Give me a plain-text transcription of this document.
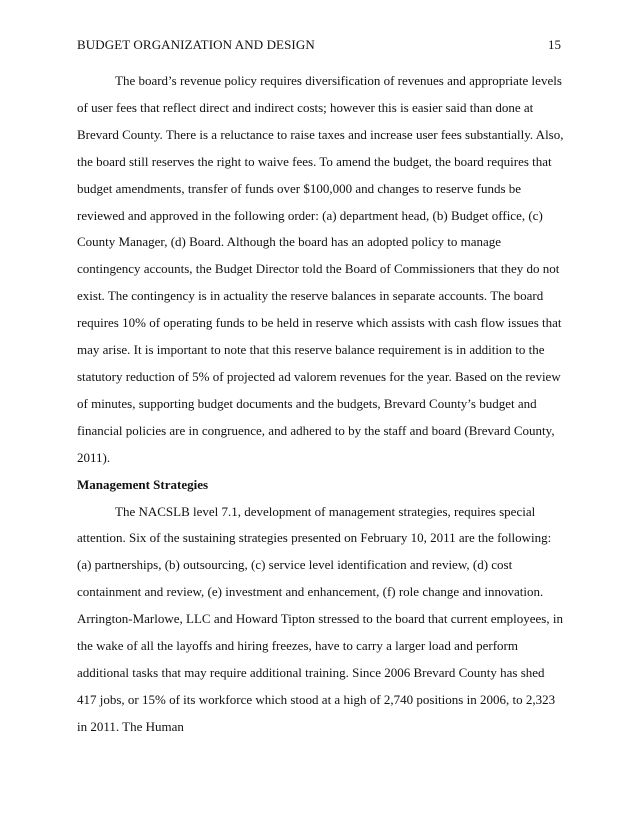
BUDGET ORGANIZATION AND DESIGN	15

The board’s revenue policy requires diversification of revenues and appropriate levels of user fees that reflect direct and indirect costs; however this is easier said than done at Brevard County. There is a reluctance to raise taxes and increase user fees substantially. Also, the board still reserves the right to waive fees. To amend the budget, the board requires that budget amendments, transfer of funds over $100,000 and changes to reserve funds be reviewed and approved in the following order: (a) department head, (b) Budget office, (c) County Manager, (d) Board. Although the board has an adopted policy to manage contingency accounts, the Budget Director told the Board of Commissioners that they do not exist. The contingency is in actuality the reserve balances in separate accounts. The board requires 10% of operating funds to be held in reserve which assists with cash flow issues that may arise. It is important to note that this reserve balance requirement is in addition to the statutory reduction of 5% of projected ad valorem revenues for the year. Based on the review of minutes, supporting budget documents and the budgets, Brevard County’s budget and financial policies are in congruence, and adhered to by the staff and board (Brevard County, 2011).

Management Strategies

The NACSLB level 7.1, development of management strategies, requires special attention. Six of the sustaining strategies presented on February 10, 2011 are the following: (a) partnerships, (b) outsourcing, (c) service level identification and review, (d) cost containment and review, (e) investment and enhancement, (f) role change and innovation. Arrington-Marlowe, LLC and Howard Tipton stressed to the board that current employees, in the wake of all the layoffs and hiring freezes, have to carry a larger load and perform additional tasks that may require additional training. Since 2006 Brevard County has shed 417 jobs, or 15% of its workforce which stood at a high of 2,740 positions in 2006, to 2,323 in 2011. The Human
